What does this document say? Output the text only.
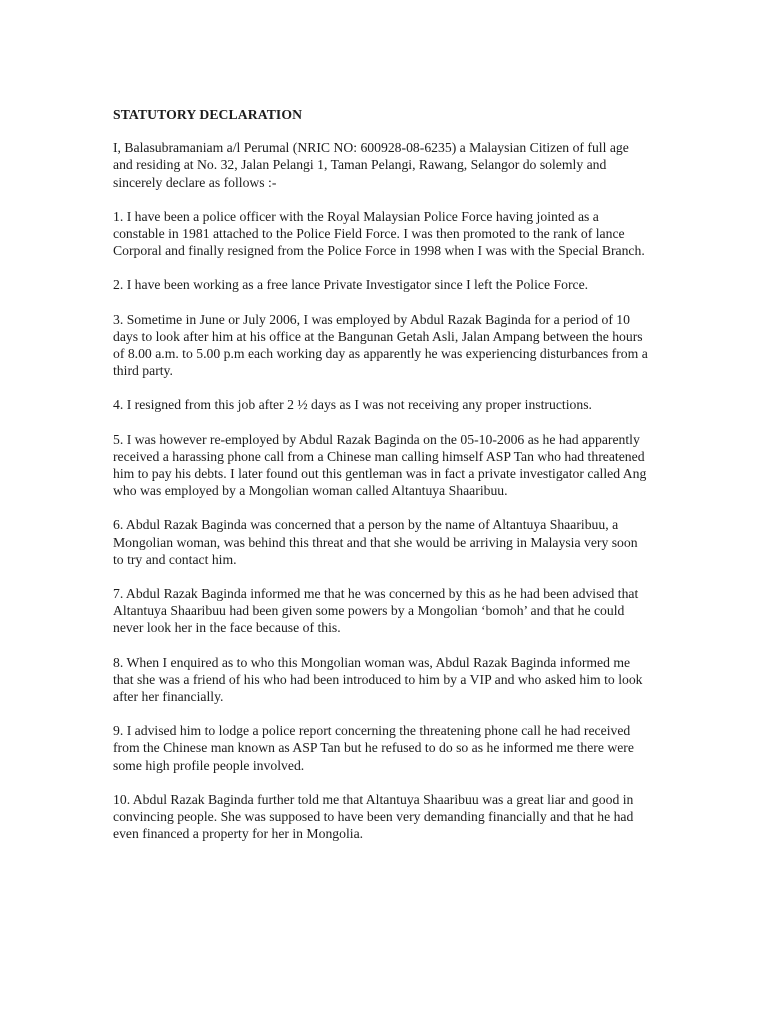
STATUTORY DECLARATION

I, Balasubramaniam a/l Perumal (NRIC NO: 600928-08-6235) a Malaysian Citizen of full age and residing at No. 32, Jalan Pelangi 1, Taman Pelangi, Rawang, Selangor do solemly and sincerely declare as follows :-

1. I have been a police officer with the Royal Malaysian Police Force having jointed as a constable in 1981 attached to the Police Field Force. I was then promoted to the rank of lance Corporal and finally resigned from the Police Force in 1998 when I was with the Special Branch.

2. I have been working as a free lance Private Investigator since I left the Police Force.

3. Sometime in June or July 2006, I was employed by Abdul Razak Baginda for a period of 10 days to look after him at his office at the Bangunan Getah Asli, Jalan Ampang between the hours of 8.00 a.m. to 5.00 p.m each working day as apparently he was experiencing disturbances from a third party.

4. I resigned from this job after 2 ½ days as I was not receiving any proper instructions.

5. I was however re-employed by Abdul Razak Baginda on the 05-10-2006 as he had apparently received a harassing phone call from a Chinese man calling himself ASP Tan who had threatened him to pay his debts. I later found out this gentleman was in fact a private investigator called Ang who was employed by a Mongolian woman called Altantuya Shaaribuu.

6. Abdul Razak Baginda was concerned that a person by the name of Altantuya Shaaribuu, a Mongolian woman, was behind this threat and that she would be arriving in Malaysia very soon to try and contact him.

7. Abdul Razak Baginda informed me that he was concerned by this as he had been advised that Altantuya Shaaribuu had been given some powers by a Mongolian ‘bomoh’ and that he could never look her in the face because of this.

8. When I enquired as to who this Mongolian woman was, Abdul Razak Baginda informed me that she was a friend of his who had been introduced to him by a VIP and who asked him to look after her financially.

9. I advised him to lodge a police report concerning the threatening phone call he had received from the Chinese man known as ASP Tan but he refused to do so as he informed me there were some high profile people involved.

10. Abdul Razak Baginda further told me that Altantuya Shaaribuu was a great liar and good in convincing people. She was supposed to have been very demanding financially and that he had even financed a property for her in Mongolia.
